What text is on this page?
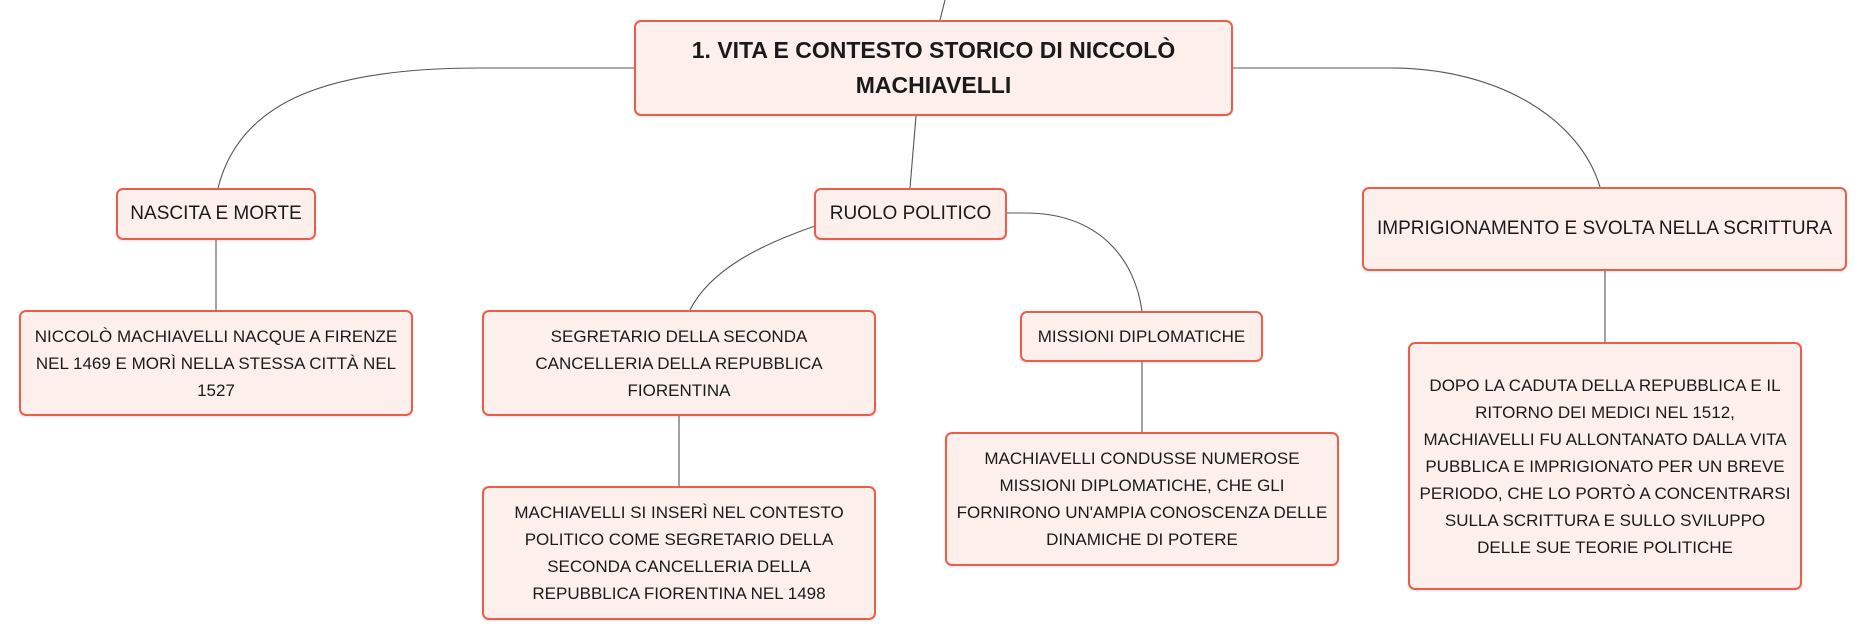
1. VITA E CONTESTO STORICO DI NICCOLÒ MACHIAVELLI
NASCITA E MORTE	RUOLO POLITICO
IMPRIGIONAMENTO E SVOLTA NELLA SCRITTURA
NICCOLÒ MACHIAVELLI NACQUE A FIRENZE NEL 1469 E MORÌ NELLA STESSA CITTÀ NEL 1527
SEGRETARIO DELLA SECONDA CANCELLERIA DELLA REPUBBLICA FIORENTINA
MISSIONI DIPLOMATICHE
MACHIAVELLI SI INSERÌ NEL CONTESTO POLITICO COME SEGRETARIO DELLA SECONDA CANCELLERIA DELLA REPUBBLICA FIORENTINA NEL 1498
MACHIAVELLI CONDUSSE NUMEROSE MISSIONI DIPLOMATICHE, CHE GLI FORNIRONO UN'AMPIA CONOSCENZA DELLE DINAMICHE DI POTERE
DOPO LA CADUTA DELLA REPUBBLICA E IL RITORNO DEI MEDICI NEL 1512, MACHIAVELLI FU ALLONTANATO DALLA VITA PUBBLICA E IMPRIGIONATO PER UN BREVE PERIODO, CHE LO PORTÒ A CONCENTRARSI SULLA SCRITTURA E SULLO SVILUPPO DELLE SUE TEORIE POLITICHE
